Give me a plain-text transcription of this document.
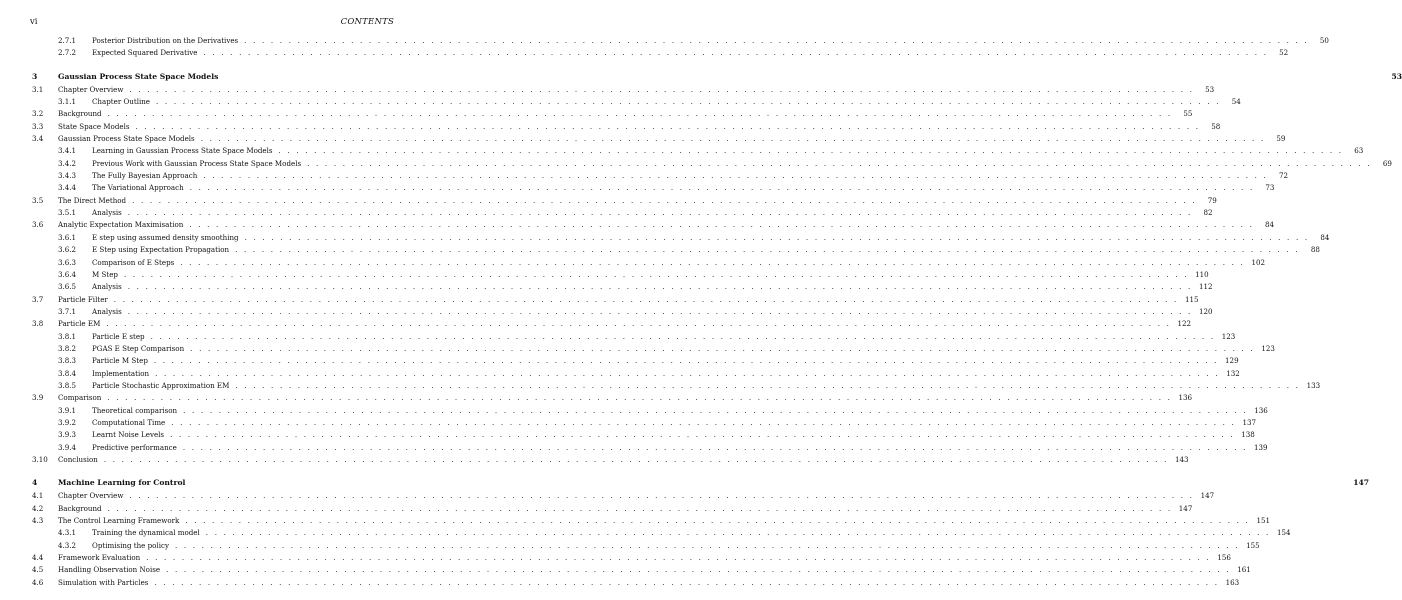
vi	CONTENTS
2.7.1	Posterior Distribution on the Derivatives . . . . . . . . . . . . . . . . . . . . . . . . . . . . . . . . . . . . . . . . . . . . . . . . . . . . . . . . . . . . . . . . . . . . . . . . . . . . . . . . . . . . . . . . . . . . . . . . . . . . . . . . . . . . . . . . . . . . . . . .	50
2.7.2	Expected Squared Derivative . . . . . . . . . . . . . . . . . . . . . . . . . . . . . . . . . . . . . . . . . . . . . . . . . . . . . . . . . . . . . . . . . . . . . . . . . . . . . . . . . . . . . . . . . . . . . . . . . . . . . . . . . . . . . . . . . . . . . . . .	52
3	Gaussian Process State Space Models	53
3.1	Chapter Overview . . . . . . . . . . . . . . . . . . . . . . . . . . . . . . . . . . . . . . . . . . . . . . . . . . . . . . . . . . . . . . . . . . . . . . . . . . . . . . . . . . . . . . . . . . . . . . . . . . . . . . . . . . . . . . . . . . . . . . . .	53
3.1.1	Chapter Outline . . . . . . . . . . . . . . . . . . . . . . . . . . . . . . . . . . . . . . . . . . . . . . . . . . . . . . . . . . . . . . . . . . . . . . . . . . . . . . . . . . . . . . . . . . . . . . . . . . . . . . . . . . . . . . . . . . . . . . . .	54
3.2	Background . . . . . . . . . . . . . . . . . . . . . . . . . . . . . . . . . . . . . . . . . . . . . . . . . . . . . . . . . . . . . . . . . . . . . . . . . . . . . . . . . . . . . . . . . . . . . . . . . . . . . . . . . . . . . . . . . . . . . . . .	55
3.3	State Space Models . . . . . . . . . . . . . . . . . . . . . . . . . . . . . . . . . . . . . . . . . . . . . . . . . . . . . . . . . . . . . . . . . . . . . . . . . . . . . . . . . . . . . . . . . . . . . . . . . . . . . . . . . . . . . . . . . . . . . . . .	58
3.4	Gaussian Process State Space Models . . . . . . . . . . . . . . . . . . . . . . . . . . . . . . . . . . . . . . . . . . . . . . . . . . . . . . . . . . . . . . . . . . . . . . . . . . . . . . . . . . . . . . . . . . . . . . . . . . . . . . . . . . . . . . . . . . . . . . . .	59
3.4.1	Learning in Gaussian Process State Space Models . . . . . . . . . . . . . . . . . . . . . . . . . . . . . . . . . . . . . . . . . . . . . . . . . . . . . . . . . . . . . . . . . . . . . . . . . . . . . . . . . . . . . . . . . . . . . . . . . . . . . . . . . . . . . . . . . . . . . . . .	63
3.4.2	Previous Work with Gaussian Process State Space Models . . . . . . . . . . . . . . . . . . . . . . . . . . . . . . . . . . . . . . . . . . . . . . . . . . . . . . . . . . . . . . . . . . . . . . . . . . . . . . . . . . . . . . . . . . . . . . . . . . . . . . . . . . . . . . . . . . . . . . . .	69
3.4.3	The Fully Bayesian Approach . . . . . . . . . . . . . . . . . . . . . . . . . . . . . . . . . . . . . . . . . . . . . . . . . . . . . . . . . . . . . . . . . . . . . . . . . . . . . . . . . . . . . . . . . . . . . . . . . . . . . . . . . . . . . . . . . . . . . . . .	72
3.4.4	The Variational Approach . . . . . . . . . . . . . . . . . . . . . . . . . . . . . . . . . . . . . . . . . . . . . . . . . . . . . . . . . . . . . . . . . . . . . . . . . . . . . . . . . . . . . . . . . . . . . . . . . . . . . . . . . . . . . . . . . . . . . . . .	73
3.5	The Direct Method . . . . . . . . . . . . . . . . . . . . . . . . . . . . . . . . . . . . . . . . . . . . . . . . . . . . . . . . . . . . . . . . . . . . . . . . . . . . . . . . . . . . . . . . . . . . . . . . . . . . . . . . . . . . . . . . . . . . . . . .	79
3.5.1	Analysis . . . . . . . . . . . . . . . . . . . . . . . . . . . . . . . . . . . . . . . . . . . . . . . . . . . . . . . . . . . . . . . . . . . . . . . . . . . . . . . . . . . . . . . . . . . . . . . . . . . . . . . . . . . . . . . . . . . . . . . .	82
3.6	Analytic Expectation Maximisation . . . . . . . . . . . . . . . . . . . . . . . . . . . . . . . . . . . . . . . . . . . . . . . . . . . . . . . . . . . . . . . . . . . . . . . . . . . . . . . . . . . . . . . . . . . . . . . . . . . . . . . . . . . . . . . . . . . . . . . .	84
3.6.1	E step using assumed density smoothing . . . . . . . . . . . . . . . . . . . . . . . . . . . . . . . . . . . . . . . . . . . . . . . . . . . . . . . . . . . . . . . . . . . . . . . . . . . . . . . . . . . . . . . . . . . . . . . . . . . . . . . . . . . . . . . . . . . . . . . .	84
3.6.2	E Step using Expectation Propagation . . . . . . . . . . . . . . . . . . . . . . . . . . . . . . . . . . . . . . . . . . . . . . . . . . . . . . . . . . . . . . . . . . . . . . . . . . . . . . . . . . . . . . . . . . . . . . . . . . . . . . . . . . . . . . . . . . . . . . . .	88
3.6.3	Comparison of E Steps . . . . . . . . . . . . . . . . . . . . . . . . . . . . . . . . . . . . . . . . . . . . . . . . . . . . . . . . . . . . . . . . . . . . . . . . . . . . . . . . . . . . . . . . . . . . . . . . . . . . . . . . . . . . . . . . . . . . . . . . 102
3.6.4	M Step . . . . . . . . . . . . . . . . . . . . . . . . . . . . . . . . . . . . . . . . . . . . . . . . . . . . . . . . . . . . . . . . . . . . . . . . . . . . . . . . . . . . . . . . . . . . . . . . . . . . . . . . . . . . . . . . . . . . . . . . 110
3.6.5	Analysis . . . . . . . . . . . . . . . . . . . . . . . . . . . . . . . . . . . . . . . . . . . . . . . . . . . . . . . . . . . . . . . . . . . . . . . . . . . . . . . . . . . . . . . . . . . . . . . . . . . . . . . . . . . . . . . . . . . . . . . . 112
3.7	Particle Filter . . . . . . . . . . . . . . . . . . . . . . . . . . . . . . . . . . . . . . . . . . . . . . . . . . . . . . . . . . . . . . . . . . . . . . . . . . . . . . . . . . . . . . . . . . . . . . . . . . . . . . . . . . . . . . . . . . . . . . . . 115
3.7.1	Analysis . . . . . . . . . . . . . . . . . . . . . . . . . . . . . . . . . . . . . . . . . . . . . . . . . . . . . . . . . . . . . . . . . . . . . . . . . . . . . . . . . . . . . . . . . . . . . . . . . . . . . . . . . . . . . . . . . . . . . . . . 120
3.8	Particle EM . . . . . . . . . . . . . . . . . . . . . . . . . . . . . . . . . . . . . . . . . . . . . . . . . . . . . . . . . . . . . . . . . . . . . . . . . . . . . . . . . . . . . . . . . . . . . . . . . . . . . . . . . . . . . . . . . . . . . . . . 122
3.8.1	Particle E step . . . . . . . . . . . . . . . . . . . . . . . . . . . . . . . . . . . . . . . . . . . . . . . . . . . . . . . . . . . . . . . . . . . . . . . . . . . . . . . . . . . . . . . . . . . . . . . . . . . . . . . . . . . . . . . . . . . . . . . . 123
3.8.2	PGAS E Step Comparison . . . . . . . . . . . . . . . . . . . . . . . . . . . . . . . . . . . . . . . . . . . . . . . . . . . . . . . . . . . . . . . . . . . . . . . . . . . . . . . . . . . . . . . . . . . . . . . . . . . . . . . . . . . . . . . . . . . . . . . . 123
3.8.3	Particle M Step . . . . . . . . . . . . . . . . . . . . . . . . . . . . . . . . . . . . . . . . . . . . . . . . . . . . . . . . . . . . . . . . . . . . . . . . . . . . . . . . . . . . . . . . . . . . . . . . . . . . . . . . . . . . . . . . . . . . . . . . 129
3.8.4	Implementation . . . . . . . . . . . . . . . . . . . . . . . . . . . . . . . . . . . . . . . . . . . . . . . . . . . . . . . . . . . . . . . . . . . . . . . . . . . . . . . . . . . . . . . . . . . . . . . . . . . . . . . . . . . . . . . . . . . . . . . . 132
3.8.5	Particle Stochastic Approximation EM . . . . . . . . . . . . . . . . . . . . . . . . . . . . . . . . . . . . . . . . . . . . . . . . . . . . . . . . . . . . . . . . . . . . . . . . . . . . . . . . . . . . . . . . . . . . . . . . . . . . . . . . . . . . . . . . . . . . . . . . 133
3.9	Comparison . . . . . . . . . . . . . . . . . . . . . . . . . . . . . . . . . . . . . . . . . . . . . . . . . . . . . . . . . . . . . . . . . . . . . . . . . . . . . . . . . . . . . . . . . . . . . . . . . . . . . . . . . . . . . . . . . . . . . . . . 136
3.9.1	Theoretical comparison . . . . . . . . . . . . . . . . . . . . . . . . . . . . . . . . . . . . . . . . . . . . . . . . . . . . . . . . . . . . . . . . . . . . . . . . . . . . . . . . . . . . . . . . . . . . . . . . . . . . . . . . . . . . . . . . . . . . . . . . 136
3.9.2	Computational Time . . . . . . . . . . . . . . . . . . . . . . . . . . . . . . . . . . . . . . . . . . . . . . . . . . . . . . . . . . . . . . . . . . . . . . . . . . . . . . . . . . . . . . . . . . . . . . . . . . . . . . . . . . . . . . . . . . . . . . . . 137
3.9.3	Learnt Noise Levels . . . . . . . . . . . . . . . . . . . . . . . . . . . . . . . . . . . . . . . . . . . . . . . . . . . . . . . . . . . . . . . . . . . . . . . . . . . . . . . . . . . . . . . . . . . . . . . . . . . . . . . . . . . . . . . . . . . . . . . . 138
3.9.4	Predictive performance . . . . . . . . . . . . . . . . . . . . . . . . . . . . . . . . . . . . . . . . . . . . . . . . . . . . . . . . . . . . . . . . . . . . . . . . . . . . . . . . . . . . . . . . . . . . . . . . . . . . . . . . . . . . . . . . . . . . . . . . 139
3.10	Conclusion . . . . . . . . . . . . . . . . . . . . . . . . . . . . . . . . . . . . . . . . . . . . . . . . . . . . . . . . . . . . . . . . . . . . . . . . . . . . . . . . . . . . . . . . . . . . . . . . . . . . . . . . . . . . . . . . . . . . . . . . 143
4	Machine Learning for Control	147
4.1	Chapter Overview . . . . . . . . . . . . . . . . . . . . . . . . . . . . . . . . . . . . . . . . . . . . . . . . . . . . . . . . . . . . . . . . . . . . . . . . . . . . . . . . . . . . . . . . . . . . . . . . . . . . . . . . . . . . . . . . . . . . . . . . 147
4.2	Background . . . . . . . . . . . . . . . . . . . . . . . . . . . . . . . . . . . . . . . . . . . . . . . . . . . . . . . . . . . . . . . . . . . . . . . . . . . . . . . . . . . . . . . . . . . . . . . . . . . . . . . . . . . . . . . . . . . . . . . . 147
4.3	The Control Learning Framework . . . . . . . . . . . . . . . . . . . . . . . . . . . . . . . . . . . . . . . . . . . . . . . . . . . . . . . . . . . . . . . . . . . . . . . . . . . . . . . . . . . . . . . . . . . . . . . . . . . . . . . . . . . . . . . . . . . . . . . . 151
4.3.1	Training the dynamical model . . . . . . . . . . . . . . . . . . . . . . . . . . . . . . . . . . . . . . . . . . . . . . . . . . . . . . . . . . . . . . . . . . . . . . . . . . . . . . . . . . . . . . . . . . . . . . . . . . . . . . . . . . . . . . . . . . . . . . . . 154
4.3.2	Optimising the policy . . . . . . . . . . . . . . . . . . . . . . . . . . . . . . . . . . . . . . . . . . . . . . . . . . . . . . . . . . . . . . . . . . . . . . . . . . . . . . . . . . . . . . . . . . . . . . . . . . . . . . . . . . . . . . . . . . . . . . . . 155
4.4	Framework Evaluation . . . . . . . . . . . . . . . . . . . . . . . . . . . . . . . . . . . . . . . . . . . . . . . . . . . . . . . . . . . . . . . . . . . . . . . . . . . . . . . . . . . . . . . . . . . . . . . . . . . . . . . . . . . . . . . . . . . . . . . . 156
4.5	Handling Observation Noise . . . . . . . . . . . . . . . . . . . . . . . . . . . . . . . . . . . . . . . . . . . . . . . . . . . . . . . . . . . . . . . . . . . . . . . . . . . . . . . . . . . . . . . . . . . . . . . . . . . . . . . . . . . . . . . . . . . . . . . . 161
4.6	Simulation with Particles . . . . . . . . . . . . . . . . . . . . . . . . . . . . . . . . . . . . . . . . . . . . . . . . . . . . . . . . . . . . . . . . . . . . . . . . . . . . . . . . . . . . . . . . . . . . . . . . . . . . . . . . . . . . . . . . . . . . . . . . 163
